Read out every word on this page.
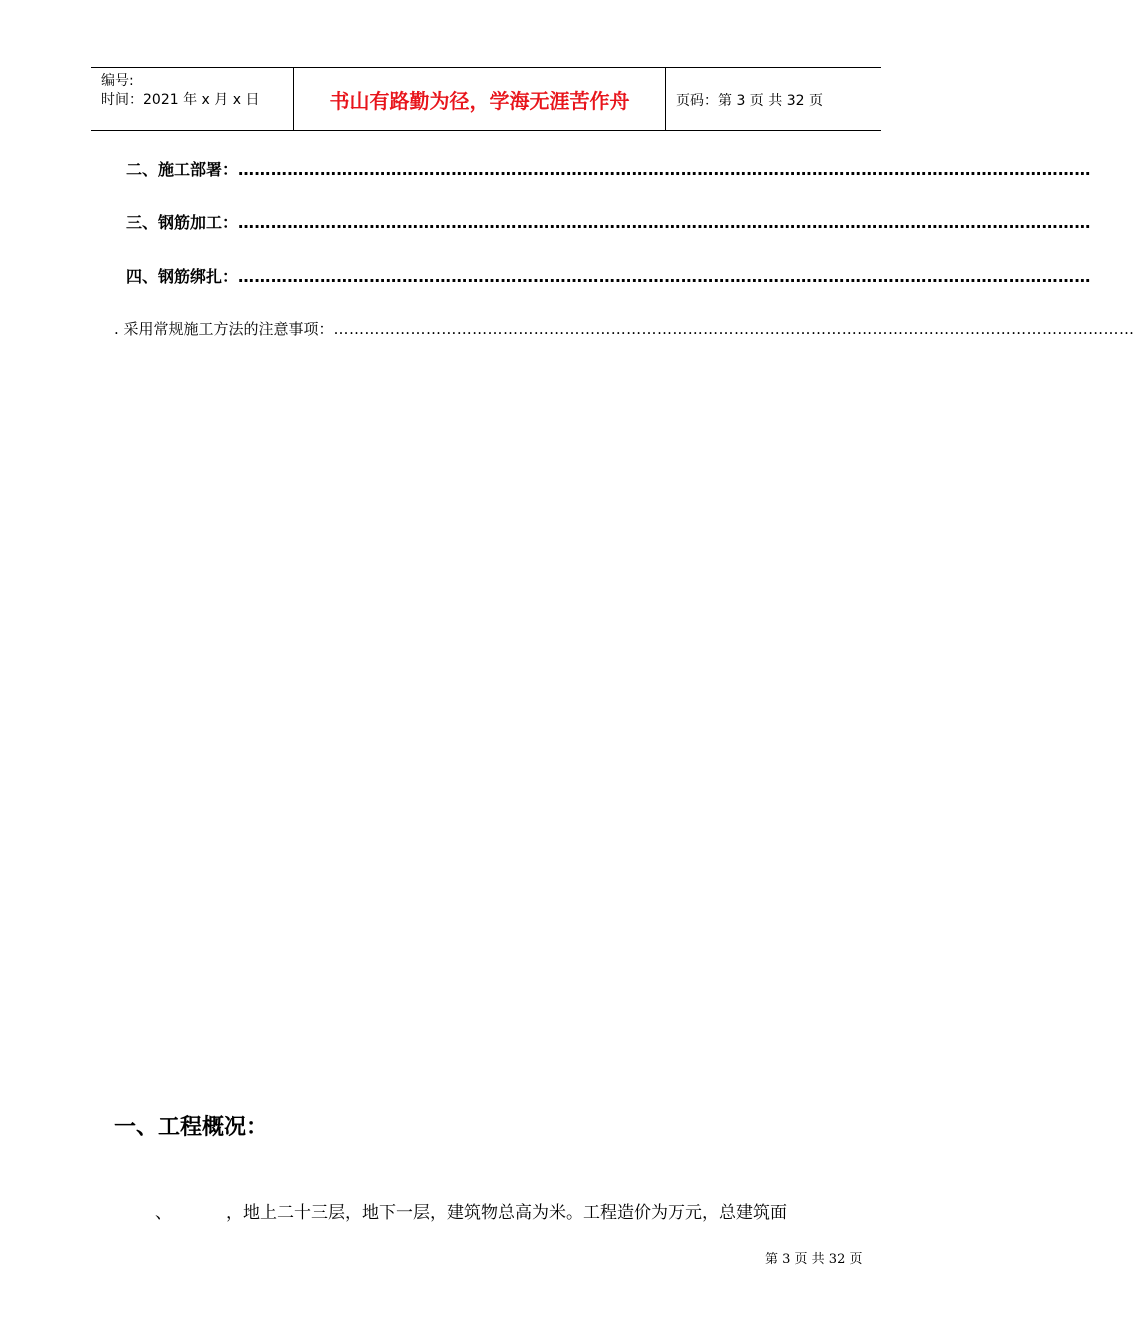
编号:
时间：2021 年 x 月 x 日	书山有路勤为径，学海无涯苦作舟	页码：第 3 页 共 32 页
二、施工部署： …………………………………………………………………………………………………………………………………………
三、钢筋加工： …………………………………………………………………………………………………………………………………………
四、钢筋绑扎： …………………………………………………………………………………………………………………………………………
. 采用常规施工方法的注意事项： …………………………………………………………………………………………………………………………………………
一、工程概况：
、          ，地上二十三层，地下一层，建筑物总高为米。工程造价为万元，总建筑面
第 3 页 共 32 页
